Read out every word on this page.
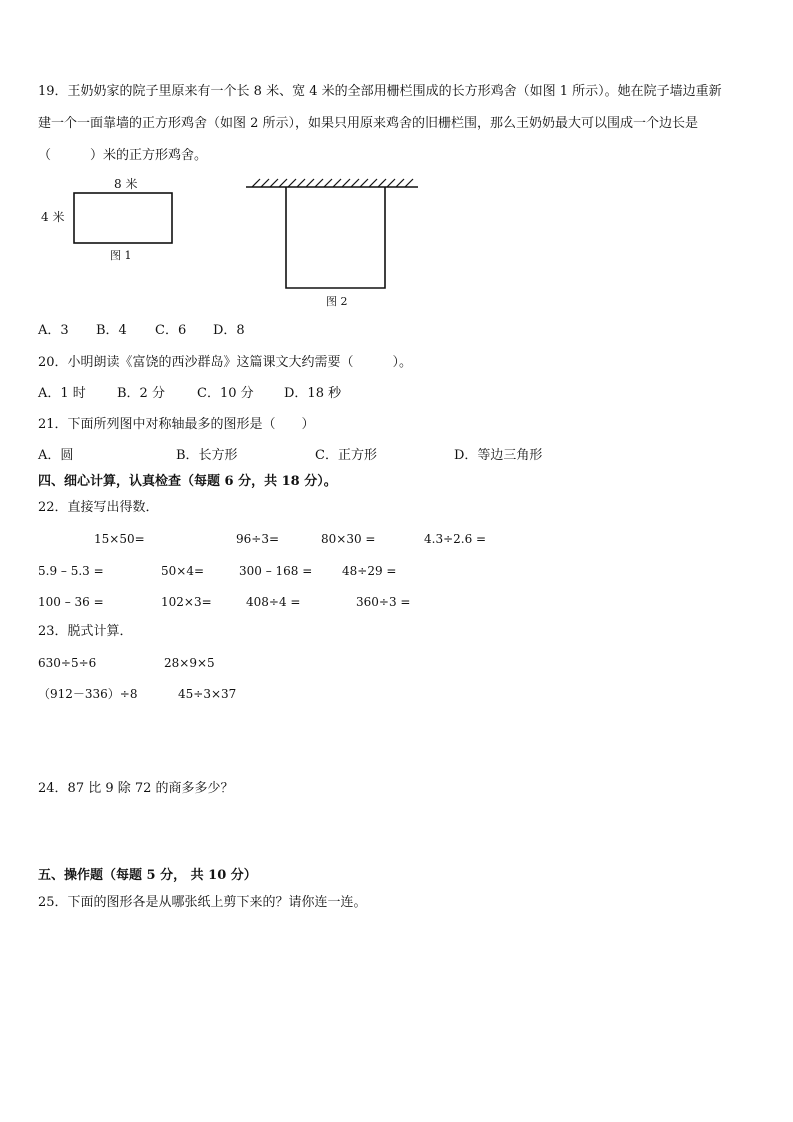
19．王奶奶家的院子里原来有一个长 8 米、宽 4 米的全部用栅栏围成的长方形鸡舍（如图 1 所示）。她在院子墙边重新
建一个一面靠墙的正方形鸡舍（如图 2 所示），如果只用原来鸡舍的旧栅栏围，那么王奶奶最大可以围成一个边长是
（　　　）米的正方形鸡舍。
8 米
4 米
图 1
图 2
A．3 B．4 C．6 D．8
20．小明朗读《富饶的西沙群岛》这篇课文大约需要（　　　）。
A．1 时 B．2 分 C．10 分 D．18 秒
21．下面所列图中对称轴最多的图形是（　　）
A．圆	B．长方形	C．正方形	D．等边三角形
四、细心计算，认真检查（每题 6 分，共 18 分）。
22．直接写出得数．
15×50=	96÷3=	80×30 =	4.3÷2.6 =
5.9 – 5.3 =	50×4=	300 – 168 = 48÷29 =
100 – 36 =	102×3=	408÷4 =	360÷3 =
23．脱式计算．
630÷5÷6	28×9×5
（912－336）÷8	45÷3×37
24．87 比 9 除 72 的商多多少？
五、操作题（每题 5 分， 共 10 分）
25．下面的图形各是从哪张纸上剪下来的？请你连一连。
